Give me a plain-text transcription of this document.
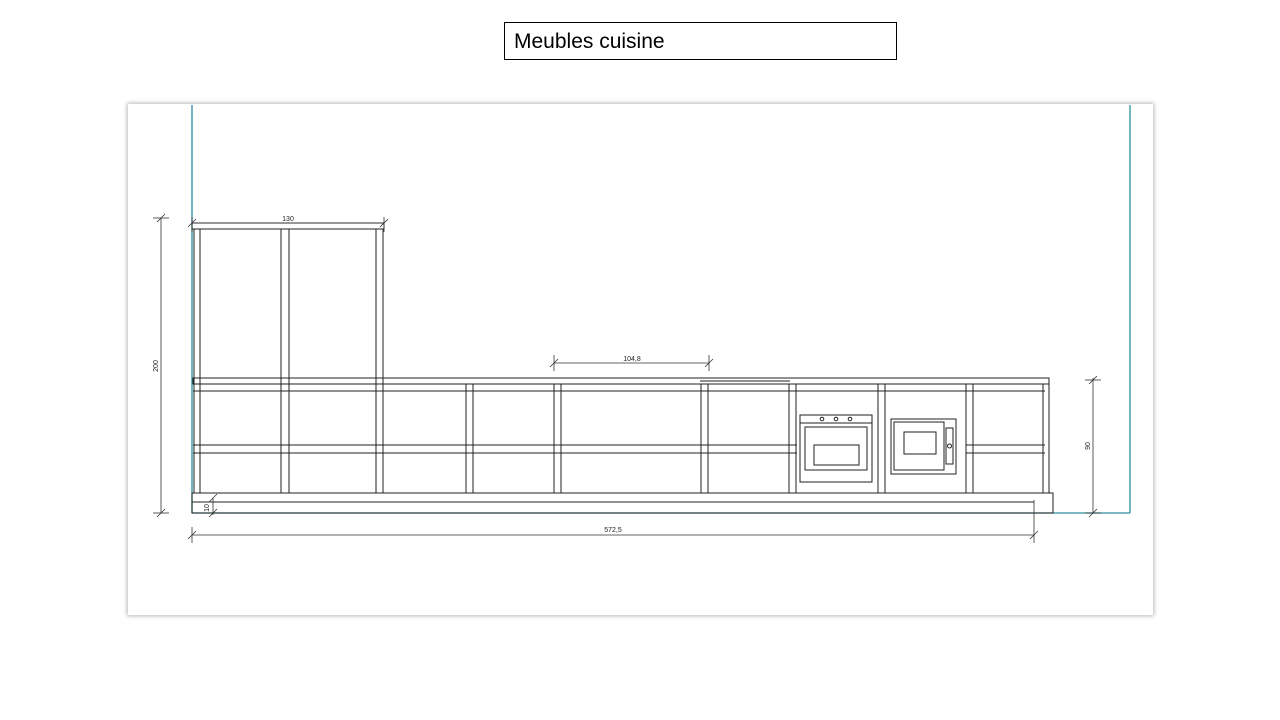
Meubles cuisine
200
130
104,8
90
10
572,5
